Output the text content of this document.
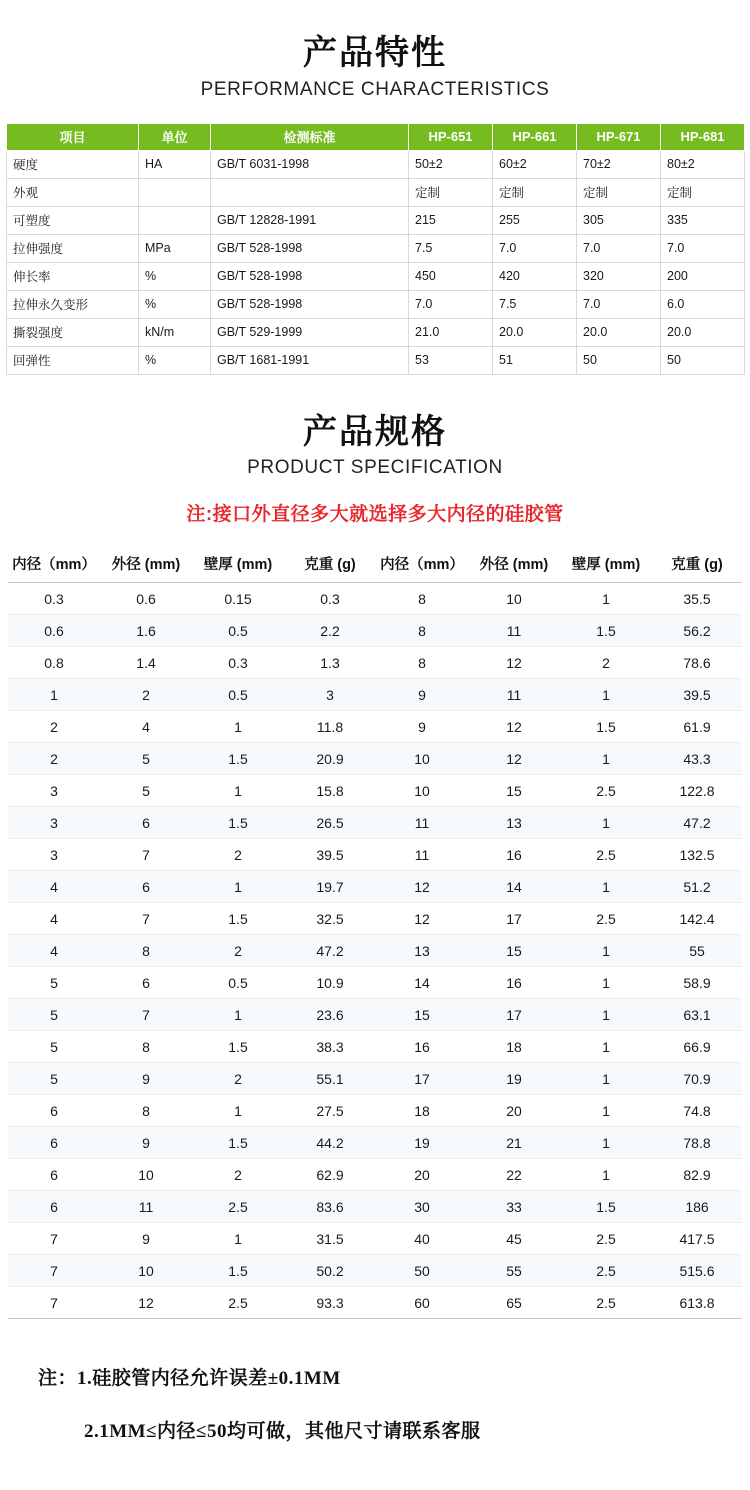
产品特性
PERFORMANCE CHARACTERISTICS
项目	单位	检测标准	HP-651	HP-661	HP-671	HP-681
硬度	HA	GB/T 6031-1998	50±2	60±2	70±2	80±2
外观			定制	定制	定制	定制
可塑度		GB/T 12828-1991	215	255	305	335
拉伸强度	MPa	GB/T 528-1998	7.5	7.0	7.0	7.0
伸长率	%	GB/T 528-1998	450	420	320	200
拉伸永久变形	%	GB/T 528-1998	7.0	7.5	7.0	6.0
撕裂强度	kN/m	GB/T 529-1999	21.0	20.0	20.0	20.0
回弹性	%	GB/T 1681-1991	53	51	50	50
产品规格
PRODUCT SPECIFICATION
注:接口外直径多大就选择多大内径的硅胶管
内径（mm）	外径 (mm)	壁厚 (mm)	克重 (g)	内径（mm）	外径 (mm)	壁厚 (mm)	克重 (g)
0.3	0.6	0.15	0.3	8	10	1	35.5
0.6	1.6	0.5	2.2	8	11	1.5	56.2
0.8	1.4	0.3	1.3	8	12	2	78.6
1	2	0.5	3	9	11	1	39.5
2	4	1	11.8	9	12	1.5	61.9
2	5	1.5	20.9	10	12	1	43.3
3	5	1	15.8	10	15	2.5	122.8
3	6	1.5	26.5	11	13	1	47.2
3	7	2	39.5	11	16	2.5	132.5
4	6	1	19.7	12	14	1	51.2
4	7	1.5	32.5	12	17	2.5	142.4
4	8	2	47.2	13	15	1	55
5	6	0.5	10.9	14	16	1	58.9
5	7	1	23.6	15	17	1	63.1
5	8	1.5	38.3	16	18	1	66.9
5	9	2	55.1	17	19	1	70.9
6	8	1	27.5	18	20	1	74.8
6	9	1.5	44.2	19	21	1	78.8
6	10	2	62.9	20	22	1	82.9
6	11	2.5	83.6	30	33	1.5	186
7	9	1	31.5	40	45	2.5	417.5
7	10	1.5	50.2	50	55	2.5	515.6
7	12	2.5	93.3	60	65	2.5	613.8
注：1.硅胶管内径允许误差±0.1MM
2.1MM≤内径≤50均可做，其他尺寸请联系客服
